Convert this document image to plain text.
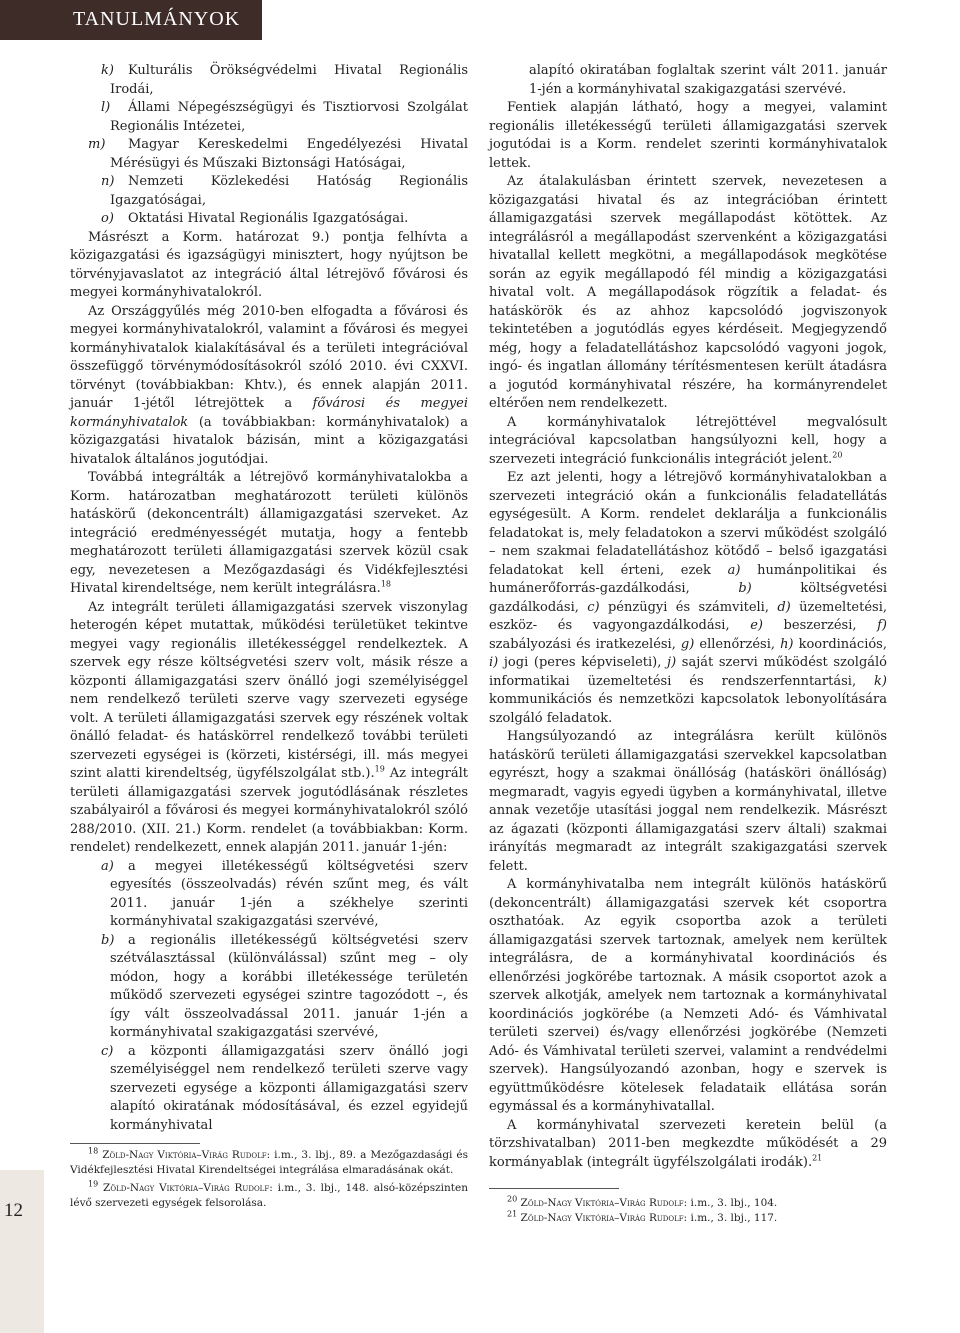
TANULMÁNYOK
12

k) Kulturális Örökségvédelmi Hivatal Regionális Irodái,

l) Állami Népegészségügyi és Tisztiorvosi Szolgálat Regionális Intézetei,

m) Magyar Kereskedelmi Engedélyezési Hivatal Mérésügyi és Műszaki Biztonsági Hatóságai,

n) Nemzeti Közlekedési Hatóság Regionális Igazgatóságai,

o) Oktatási Hivatal Regionális Igazgatóságai.

Másrészt a Korm. határozat 9.) pontja felhívta a közigazgatási és igazságügyi minisztert, hogy nyújtson be törvényjavaslatot az integráció által létrejövő fővárosi és megyei kormányhivatalokról.

Az Országgyűlés még 2010-ben elfogadta a fővárosi és megyei kormányhivatalokról, valamint a fővárosi és megyei kormányhivatalok kialakításával és a területi integrációval összefüggő törvénymódosításokról szóló 2010. évi CXXVI. törvényt (továbbiakban: Khtv.), és ennek alapján 2011. január 1-jétől létrejöttek a fővárosi és megyei kormányhivatalok (a továbbiakban: kormányhivatalok) a közigazgatási hivatalok bázisán, mint a közigazgatási hivatalok általános jogutódjai.

Továbbá integrálták a létrejövő kormányhivatalokba a Korm. határozatban meghatározott területi különös hatáskörű (dekoncentrált) államigazgatási szerveket. Az integráció eredményességét mutatja, hogy a fentebb meghatározott területi államigazgatási szervek közül csak egy, nevezetesen a Mezőgazdasági és Vidékfejlesztési Hivatal kirendeltsége, nem került integrálásra.$^{18}$

Az integrált területi államigazgatási szervek viszonylag heterogén képet mutattak, működési területüket tekintve megyei vagy regionális illetékességgel rendelkeztek. A szervek egy része költségvetési szerv volt, másik része a központi államigazgatási szerv önálló jogi személyiséggel nem rendelkező területi szerve vagy szervezeti egysége volt. A területi államigazgatási szervek egy részének voltak önálló feladat- és hatáskörrel rendelkező további területi szervezeti egységei is (körzeti, kistérségi, ill. más megyei szint alatti kirendeltség, ügyfélszolgálat stb.).$^{19}$ Az integrált területi államigazgatási szervek jogutódlásának részletes szabályairól a fővárosi és megyei kormányhivatalokról szóló 288/2010. (XII. 21.) Korm. rendelet (a továbbiakban: Korm. rendelet) rendelkezett, ennek alapján 2011. január 1-jén:

a) a megyei illetékességű költségvetési szerv egyesítés (összeolvadás) révén szűnt meg, és vált 2011. január 1-jén a székhelye szerinti kormányhivatal szakigazgatási szervévé,

b) a regionális illetékességű költségvetési szerv szétválasztással (különválással) szűnt meg – oly módon, hogy a korábbi illetékessége területén működő szervezeti egységei szintre tagozódott –, és így vált összeolvadással 2011. január 1-jén a kormányhivatal szakigazgatási szervévé,

c) a központi államigazgatási szerv önálló jogi személyiséggel nem rendelkező területi szerve vagy szervezeti egysége a központi államigazgatási szerv alapító okiratának módosításával, és ezzel egyidejű kormányhivatal

alapító okiratában foglaltak szerint vált 2011. január 1-jén a kormányhivatal szakigazgatási szervévé.

Fentiek alapján látható, hogy a megyei, valamint regionális illetékességű területi államigazgatási szervek jogutódai is a Korm. rendelet szerinti kormányhivatalok lettek.

Az átalakulásban érintett szervek, nevezetesen a közigazgatási hivatal és az integrációban érintett államigazgatási szervek megállapodást kötöttek. Az integrálásról a megállapodást szervenként a közigazgatási hivatallal kellett megkötni, a megállapodások megkötése során az egyik megállapodó fél mindig a közigazgatási hivatal volt. A megállapodások rögzítik a feladat- és hatáskörök és az ahhoz kapcsolódó jogviszonyok tekintetében a jogutódlás egyes kérdéseit. Megjegyzendő még, hogy a feladatellátáshoz kapcsolódó vagyoni jogok, ingó- és ingatlan állomány térítésmentesen került átadásra a jogutód kormányhivatal részére, ha kormányrendelet eltérően nem rendelkezett.

A kormányhivatalok létrejöttével megvalósult integrációval kapcsolatban hangsúlyozni kell, hogy a szervezeti integráció funkcionális integrációt jelent.$^{20}$

Ez azt jelenti, hogy a létrejövő kormányhivatalokban a szervezeti integráció okán a funkcionális feladatellátás egységesült. A Korm. rendelet deklarálja a funkcionális feladatokat is, mely feladatokon a szervi működést szolgáló – nem szakmai feladatellátáshoz kötődő – belső igazgatási feladatokat kell érteni, ezek a) humánpolitikai és humánerőforrás-gazdálkodási, b) költségvetési gazdálkodási, c) pénzügyi és számviteli, d) üzemeltetési, eszköz- és vagyongazdálkodási, e) beszerzési, f) szabályozási és iratkezelési, g) ellenőrzési, h) koordinációs, i) jogi (peres képviseleti), j) saját szervi működést szolgáló informatikai üzemeltetési és rendszerfenntartási, k) kommunikációs és nemzetközi kapcsolatok lebonyolítására szolgáló feladatok.

Hangsúlyozandó az integrálásra került különös hatáskörű területi államigazgatási szervekkel kapcsolatban egyrészt, hogy a szakmai önállóság (hatásköri önállóság) megmaradt, vagyis egyedi ügyben a kormányhivatal, illetve annak vezetője utasítási joggal nem rendelkezik. Másrészt az ágazati (központi államigazgatási szerv általi) szakmai irányítás megmaradt az integrált szakigazgatási szervek felett.

A kormányhivatalba nem integrált különös hatáskörű (dekoncentrált) államigazgatási szervek két csoportra oszthatóak. Az egyik csoportba azok a területi államigazgatási szervek tartoznak, amelyek nem kerültek integrálásra, de a kormányhivatal koordinációs és ellenőrzési jogkörébe tartoznak. A másik csoportot azok a szervek alkotják, amelyek nem tartoznak a kormányhivatal koordinációs jogkörébe (a Nemzeti Adó- és Vámhivatal területi szervei) és/vagy ellenőrzési jogkörébe (Nemzeti Adó- és Vámhivatal területi szervei, valamint a rendvédelmi szervek). Hangsúlyozandó azonban, hogy e szervek is együttműködésre kötelesek feladataik ellátása során egymással és a kormányhivatallal.

A kormányhivatal szervezeti keretein belül (a törzshivatalban) 2011-ben megkezdte működését a 29 kormányablak (integrált ügyfélszolgálati irodák).$^{21}$

$^{18}$ Zöld-Nagy Viktória–Virág Rudolf: i.m., 3. lbj., 89. a Mezőgazdasági és Vidékfejlesztési Hivatal Kirendeltségei integrálása elmaradásának okát.
$^{19}$ Zöld-Nagy Viktória–Virág Rudolf: i.m., 3. lbj., 148. alsó-középszinten lévő szervezeti egységek felsorolása.	$^{20}$ Zöld-Nagy Viktória–Virág Rudolf: i.m., 3. lbj., 104.
$^{21}$ Zöld-Nagy Viktória–Virág Rudolf: i.m., 3. lbj., 117.
